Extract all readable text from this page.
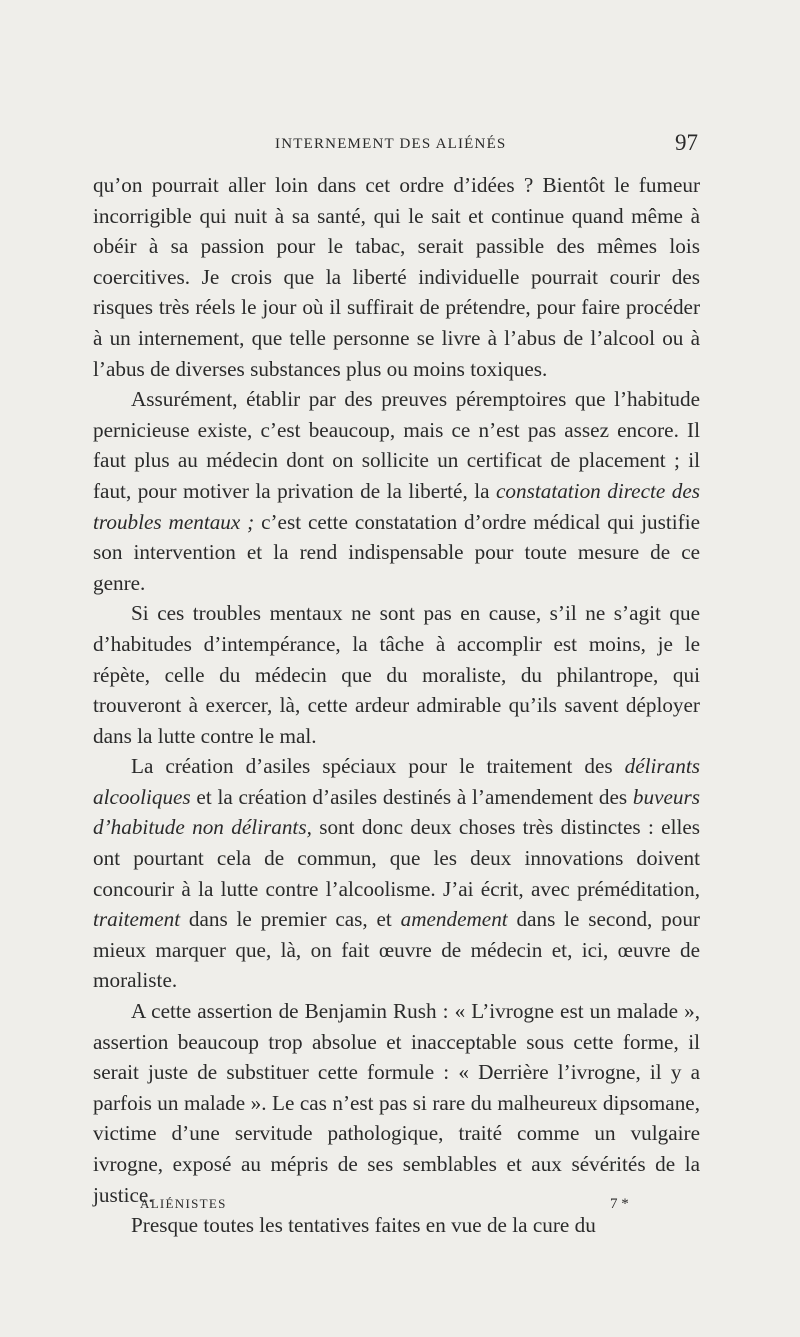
INTERNEMENT DES ALIÉNÉS	97

qu’on pourrait aller loin dans cet ordre d’idées ? Bientôt le fumeur incorrigible qui nuit à sa santé, qui le sait et continue quand même à obéir à sa passion pour le tabac, serait passible des mêmes lois coercitives. Je crois que la liberté individuelle pourrait courir des risques très réels le jour où il suffirait de prétendre, pour faire procéder à un internement, que telle personne se livre à l’abus de l’alcool ou à l’abus de diverses substances plus ou moins toxiques.

Assurément, établir par des preuves péremptoires que l’habitude pernicieuse existe, c’est beaucoup, mais ce n’est pas assez encore. Il faut plus au médecin dont on sollicite un certificat de placement ; il faut, pour motiver la privation de la liberté, la constatation directe des troubles mentaux ; c’est cette constatation d’ordre médical qui justifie son intervention et la rend indispensable pour toute mesure de ce genre.

Si ces troubles mentaux ne sont pas en cause, s’il ne s’agit que d’habitudes d’intempérance, la tâche à accomplir est moins, je le répète, celle du médecin que du moraliste, du philantrope, qui trouveront à exercer, là, cette ardeur admirable qu’ils savent déployer dans la lutte contre le mal.

La création d’asiles spéciaux pour le traitement des délirants alcooliques et la création d’asiles destinés à l’amendement des buveurs d’habitude non délirants, sont donc deux choses très distinctes : elles ont pourtant cela de commun, que les deux innovations doivent concourir à la lutte contre l’alcoolisme. J’ai écrit, avec préméditation, traitement dans le premier cas, et amendement dans le second, pour mieux marquer que, là, on fait œuvre de médecin et, ici, œuvre de moraliste.

A cette assertion de Benjamin Rush : « L’ivrogne est un malade », assertion beaucoup trop absolue et inacceptable sous cette forme, il serait juste de substituer cette formule : « Derrière l’ivrogne, il y a parfois un malade ». Le cas n’est pas si rare du malheureux dipsomane, victime d’une servitude pathologique, traité comme un vulgaire ivrogne, exposé au mépris de ses semblables et aux sévérités de la justice.

Presque toutes les tentatives faites en vue de la cure du

ALIÉNISTES	7 *
